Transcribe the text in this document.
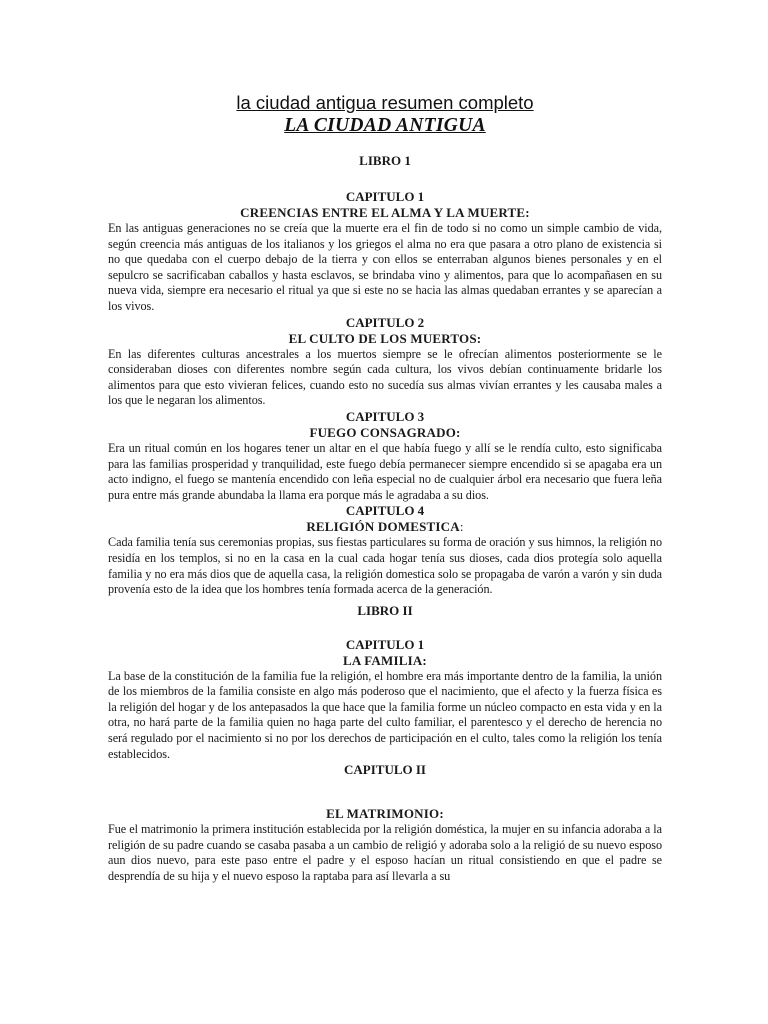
la ciudad antigua resumen completo

LA CIUDAD ANTIGUA

LIBRO 1

CAPITULO 1

CREENCIAS ENTRE EL ALMA Y LA MUERTE:

En las antiguas generaciones no se creía que la muerte era el fin de todo si no como un simple cambio de vida, según creencia más antiguas de los italianos y los griegos el alma no era que pasara a otro plano de existencia si no que quedaba con el cuerpo debajo de la tierra y con ellos se enterraban algunos bienes personales y en el sepulcro se sacrificaban caballos y hasta esclavos, se brindaba vino y alimentos, para que lo acompañasen en su nueva vida, siempre era necesario el ritual ya que si este no se hacia las almas quedaban errantes y se aparecían a los vivos.

CAPITULO 2

EL CULTO DE LOS MUERTOS:

En las diferentes culturas ancestrales a los muertos siempre se le ofrecían alimentos posteriormente se le consideraban dioses con diferentes nombre según cada cultura, los vivos debían continuamente bridarle los alimentos para que esto vivieran felices, cuando esto no sucedía sus almas vivían errantes y les causaba males a los que le negaran los alimentos.

CAPITULO 3

FUEGO CONSAGRADO:

Era un ritual común en los hogares tener un altar en el que había fuego y allí se le rendía culto, esto significaba para las familias prosperidad y tranquilidad, este fuego debía permanecer siempre encendido si se apagaba era un acto indigno, el fuego se mantenía encendido con leña especial no de cualquier árbol era necesario que fuera leña pura entre más grande abundaba la llama era porque más le agradaba a su dios.

CAPITULO 4

RELIGIÓN DOMESTICA:

Cada familia tenía sus ceremonias propias, sus fiestas particulares su forma de oración y sus himnos, la religión no residía en los templos, si no en la casa en la cual cada hogar tenía sus dioses, cada dios protegía solo aquella familia y no era más dios que de aquella casa, la religión domestica solo se propagaba de varón a varón y sin duda provenía esto de la idea que los hombres tenía formada acerca de la generación.

LIBRO II

CAPITULO 1

LA FAMILIA:

La base de la constitución de la familia fue la religión, el hombre era más importante dentro de la familia, la unión de los miembros de la familia consiste en algo más poderoso que el nacimiento, que el afecto y la fuerza física es la religión del hogar y de los antepasados la que hace que la familia forme un núcleo compacto en esta vida y en la otra, no hará parte de la familia quien no haga parte del culto familiar, el parentesco y el derecho de herencia no será regulado por el nacimiento si no por los derechos de participación en el culto, tales como la religión los tenía establecidos.

CAPITULO II

EL MATRIMONIO:

Fue el matrimonio la primera institución establecida por la religión doméstica, la mujer en su infancia adoraba a la religión de su padre cuando se casaba pasaba a un cambio de religió y adoraba solo a la religió de su nuevo esposo aun dios nuevo, para este paso entre el padre y el esposo hacían un ritual consistiendo en que el padre se desprendía de su hija y el nuevo esposo la raptaba para así llevarla a su
